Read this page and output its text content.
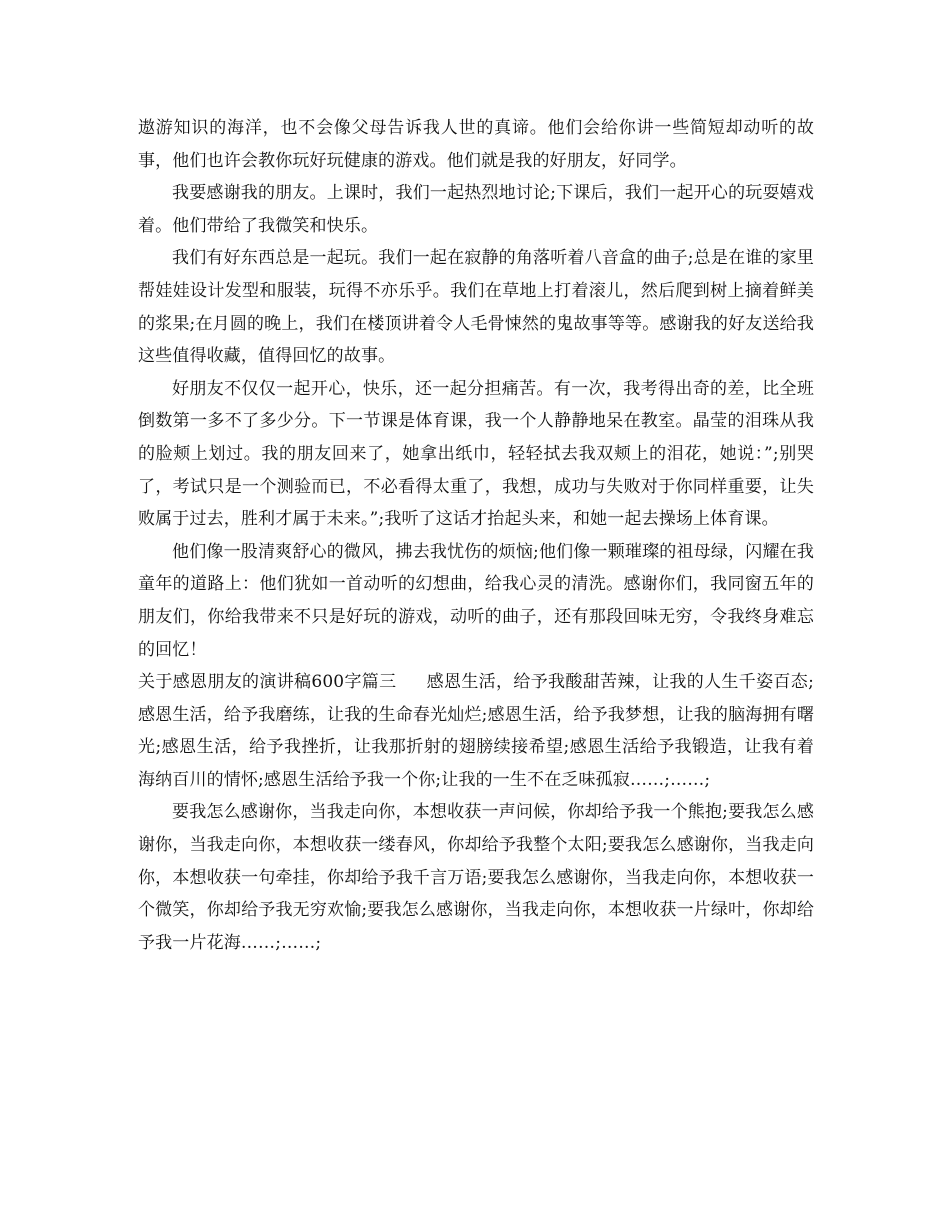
遨游知识的海洋，也不会像父母告诉我人世的真谛。他们会给你讲一些简短却动听的故事，他们也许会教你玩好玩健康的游戏。他们就是我的好朋友，好同学。

我要感谢我的朋友。上课时，我们一起热烈地讨论;下课后，我们一起开心的玩耍嬉戏着。他们带给了我微笑和快乐。

我们有好东西总是一起玩。我们一起在寂静的角落听着八音盒的曲子;总是在谁的家里帮娃娃设计发型和服装，玩得不亦乐乎。我们在草地上打着滚儿，然后爬到树上摘着鲜美的浆果;在月圆的晚上，我们在楼顶讲着令人毛骨悚然的鬼故事等等。感谢我的好友送给我这些值得收藏，值得回忆的故事。

好朋友不仅仅一起开心，快乐，还一起分担痛苦。有一次，我考得出奇的差，比全班倒数第一多不了多少分。下一节课是体育课，我一个人静静地呆在教室。晶莹的泪珠从我的脸颊上划过。我的朋友回来了，她拿出纸巾，轻轻拭去我双颊上的泪花，她说：”;别哭了，考试只是一个测验而已，不必看得太重了，我想，成功与失败对于你同样重要，让失败属于过去，胜利才属于未来。”;我听了这话才抬起头来，和她一起去操场上体育课。

他们像一股清爽舒心的微风，拂去我忧伤的烦恼;他们像一颗璀璨的祖母绿，闪耀在我童年的道路上：他们犹如一首动听的幻想曲，给我心灵的清洗。感谢你们，我同窗五年的朋友们，你给我带来不只是好玩的游戏，动听的曲子，还有那段回味无穷，令我终身难忘的回忆！

关于感恩朋友的演讲稿600字篇三 感恩生活，给予我酸甜苦辣，让我的人生千姿百态;感恩生活，给予我磨练，让我的生命春光灿烂;感恩生活，给予我梦想，让我的脑海拥有曙光;感恩生活，给予我挫折，让我那折射的翅膀续接希望;感恩生活给予我锻造，让我有着海纳百川的情怀;感恩生活给予我一个你;让我的一生不在乏味孤寂……;……;

要我怎么感谢你，当我走向你，本想收获一声问候，你却给予我一个熊抱;要我怎么感谢你，当我走向你，本想收获一缕春风，你却给予我整个太阳;要我怎么感谢你，当我走向你，本想收获一句牵挂，你却给予我千言万语;要我怎么感谢你，当我走向你，本想收获一个微笑，你却给予我无穷欢愉;要我怎么感谢你，当我走向你，本想收获一片绿叶，你却给予我一片花海……;……;
